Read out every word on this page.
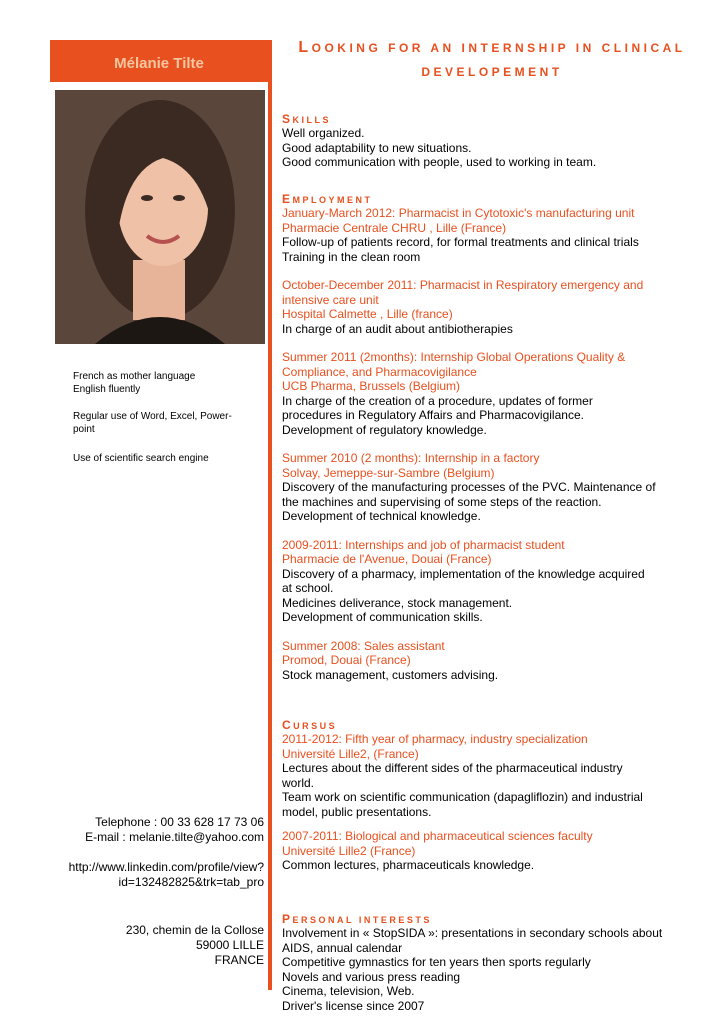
Mélanie Tilte
LOOKING FOR AN INTERNSHIP IN CLINICAL
DEVELOPEMENT
French as mother language
English fluently
Regular use of Word, Excel, Power-
point
Use of scientific search engine
Telephone : 00 33 628 17 73 06
E-mail : melanie.tilte@yahoo.com
http://www.linkedin.com/profile/view?
id=132482825&trk=tab_pro
230, chemin de la Collose
59000 LILLE
FRANCE
SKILLS
Well organized.
Good adaptability to new situations.
Good communication with people, used to working in team.
EMPLOYMENT
January-March 2012: Pharmacist in Cytotoxic's manufacturing unit
Pharmacie Centrale CHRU , Lille (France)
Follow-up of patients record, for formal treatments and clinical trials
Training in the clean room
October-December 2011: Pharmacist in Respiratory emergency and
intensive care unit
Hospital Calmette , Lille (france)
In charge of an audit about antibiotherapies
Summer 2011 (2months): Internship Global Operations Quality &
Compliance, and Pharmacovigilance
UCB Pharma, Brussels (Belgium)
In charge of the creation of a procedure, updates of former
procedures in Regulatory Affairs and Pharmacovigilance.
Development of regulatory knowledge.
Summer 2010 (2 months): Internship in a factory
Solvay, Jemeppe-sur-Sambre (Belgium)
Discovery of the manufacturing processes of the PVC. Maintenance of
the machines and supervising of some steps of the reaction.
Development of technical knowledge.
2009-2011: Internships and job of pharmacist student
Pharmacie de l'Avenue, Douai (France)
Discovery of a pharmacy, implementation of the knowledge acquired
at school.
Medicines deliverance, stock management.
Development of communication skills.
Summer 2008: Sales assistant
Promod, Douai (France)
Stock management, customers advising.
CURSUS
2011-2012: Fifth year of pharmacy, industry specialization
Université Lille2, (France)
Lectures about the different sides of the pharmaceutical industry
world.
Team work on scientific communication (dapagliflozin) and industrial
model, public presentations.
2007-2011: Biological and pharmaceutical sciences faculty
Université Lille2 (France)
Common lectures, pharmaceuticals knowledge.
PERSONAL INTERESTS
Involvement in « StopSIDA »: presentations in secondary schools about
AIDS, annual calendar
Competitive gymnastics for ten years then sports regularly
Novels and various press reading
Cinema, television, Web.
Driver's license since 2007
